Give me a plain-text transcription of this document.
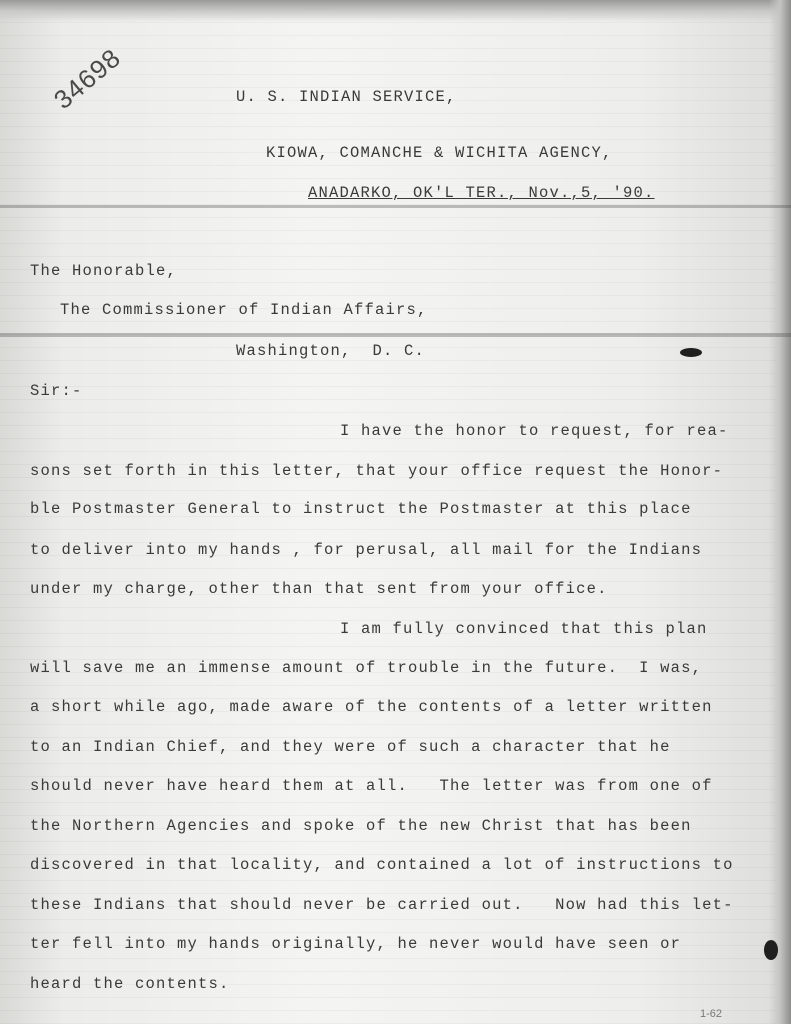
34698	U. S. INDIAN SERVICE,
KIOWA, COMANCHE & WICHITA AGENCY,
ANADARKO, OK'L TER., Nov.,5, '90.
The Honorable,
The Commissioner of Indian Affairs,
Washington,  D. C.
Sir:-
I have the honor to request, for rea-
sons set forth in this letter, that your office request the Honor-
ble Postmaster General to instruct the Postmaster at this place
to deliver into my hands , for perusal, all mail for the Indians
under my charge, other than that sent from your office.
I am fully convinced that this plan
will save me an immense amount of trouble in the future.  I was,
a short while ago, made aware of the contents of a letter written
to an Indian Chief, and they were of such a character that he
should never have heard them at all.   The letter was from one of
the Northern Agencies and spoke of the new Christ that has been
discovered in that locality, and contained a lot of instructions to
these Indians that should never be carried out.   Now had this let-
ter fell into my hands originally, he never would have seen or
heard the contents.
1-62
